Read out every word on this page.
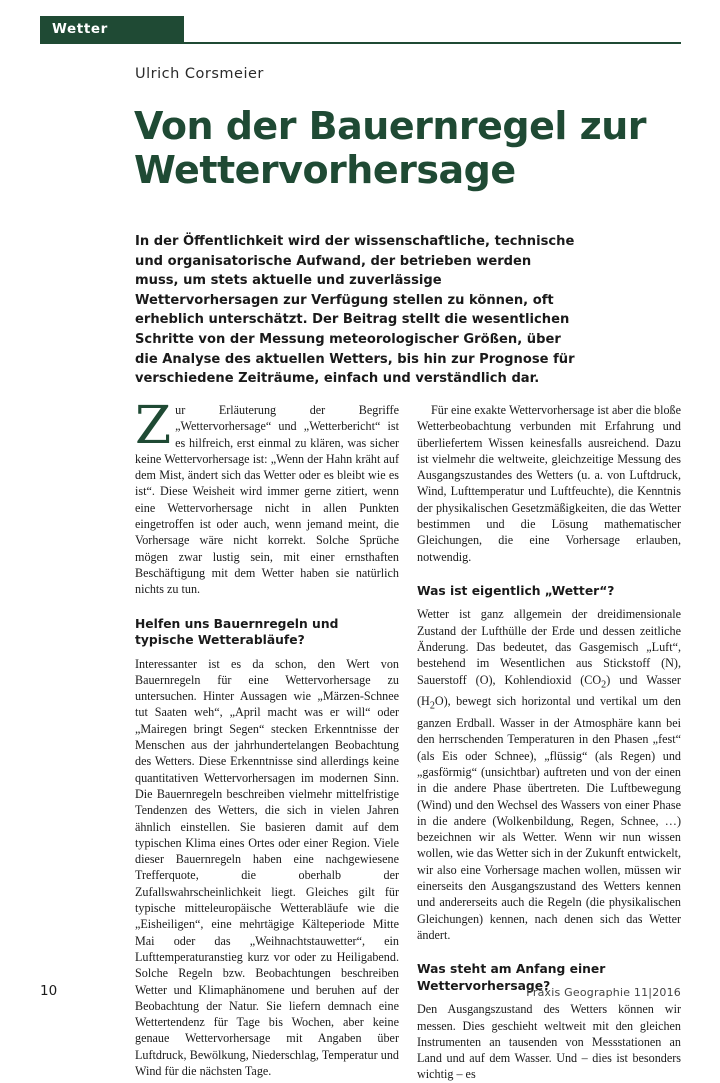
Wetter
Ulrich Corsmeier
Von der Bauernregel zur Wettervorhersage

In der Öffentlichkeit wird der wissenschaftliche, technische und organisatorische Aufwand, der betrieben werden muss, um stets aktuelle und zuverlässige Wettervorhersagen zur Verfügung stellen zu können, oft erheblich unterschätzt. Der Beitrag stellt die wesentlichen Schritte von der Messung meteorologischer Größen, über die Analyse des aktuellen Wetters, bis hin zur Prognose für verschiedene Zeiträume, einfach und verständlich dar.

Zur Erläuterung der Begriffe „Wettervorhersage“ und „Wetterbericht“ ist es hilfreich, erst einmal zu klären, was sicher keine Wettervorhersage ist: „Wenn der Hahn kräht auf dem Mist, ändert sich das Wetter oder es bleibt wie es ist“. Diese Weisheit wird immer gerne zitiert, wenn eine Wettervorhersage nicht in allen Punkten eingetroffen ist oder auch, wenn jemand meint, die Vorhersage wäre nicht korrekt. Solche Sprüche mögen zwar lustig sein, mit einer ernsthaften Beschäftigung mit dem Wetter haben sie natürlich nichts zu tun.

Helfen uns Bauernregeln und typische Wetterabläufe?

Interessanter ist es da schon, den Wert von Bauernregeln für eine Wettervorhersage zu untersuchen. Hinter Aussagen wie „Märzen-Schnee tut Saaten weh“, „April macht was er will“ oder „Mairegen bringt Segen“ stecken Erkenntnisse der Menschen aus der jahrhundertelangen Beobachtung des Wetters. Diese Erkenntnisse sind allerdings keine quantitativen Wettervorhersagen im modernen Sinn. Die Bauernregeln beschreiben vielmehr mittelfristige Tendenzen des Wetters, die sich in vielen Jahren ähnlich einstellen. Sie basieren damit auf dem typischen Klima eines Ortes oder einer Region. Viele dieser Bauernregeln haben eine nachgewiesene Trefferquote, die oberhalb der Zufallswahrscheinlichkeit liegt. Gleiches gilt für typische mitteleuropäische Wetterabläufe wie die „Eisheiligen“, eine mehrtägige Kälteperiode Mitte Mai oder das „Weihnachtstauwetter“, ein Lufttemperaturanstieg kurz vor oder zu Heiligabend. Solche Regeln bzw. Beobachtungen beschreiben Wetter und Klimaphänomene und beruhen auf der Beobachtung der Natur. Sie liefern demnach eine Wettertendenz für Tage bis Wochen, aber keine genaue Wettervorhersage mit Angaben über Luftdruck, Bewölkung, Niederschlag, Temperatur und Wind für die nächsten Tage.

Für eine exakte Wettervorhersage ist aber die bloße Wetterbeobachtung verbunden mit Erfahrung und überliefertem Wissen keinesfalls ausreichend. Dazu ist vielmehr die weltweite, gleichzeitige Messung des Ausgangszustandes des Wetters (u. a. von Luftdruck, Wind, Lufttemperatur und Luftfeuchte), die Kenntnis der physikalischen Gesetzmäßigkeiten, die das Wetter bestimmen und die Lösung mathematischer Gleichungen, die eine Vorhersage erlauben, notwendig.

Was ist eigentlich „Wetter“?

Wetter ist ganz allgemein der dreidimensionale Zustand der Lufthülle der Erde und dessen zeitliche Änderung. Das bedeutet, das Gasgemisch „Luft“, bestehend im Wesentlichen aus Stickstoff (N), Sauerstoff (O), Kohlendioxid $(CO_2)$ und Wasser $(H_2O)$, bewegt sich horizontal und vertikal um den ganzen Erdball. Wasser in der Atmosphäre kann bei den herrschenden Temperaturen in den Phasen „fest“ (als Eis oder Schnee), „flüssig“ (als Regen) und „gasförmig“ (unsichtbar) auftreten und von der einen in die andere Phase übertreten. Die Luftbewegung (Wind) und den Wechsel des Wassers von einer Phase in die andere (Wolkenbildung, Regen, Schnee, …) bezeichnen wir als Wetter. Wenn wir nun wissen wollen, wie das Wetter sich in der Zukunft entwickelt, wir also eine Vorhersage machen wollen, müssen wir einerseits den Ausgangszustand des Wetters kennen und andererseits auch die Regeln (die physikalischen Gleichungen) kennen, nach denen sich das Wetter ändert.

Was steht am Anfang einer Wettervorhersage?

Den Ausgangszustand des Wetters können wir messen. Dies geschieht weltweit mit den gleichen Instrumenten an tausenden von Messstationen an Land und auf dem Wasser. Und – dies ist besonders wichtig – es

10	Praxis Geographie 11|2016
